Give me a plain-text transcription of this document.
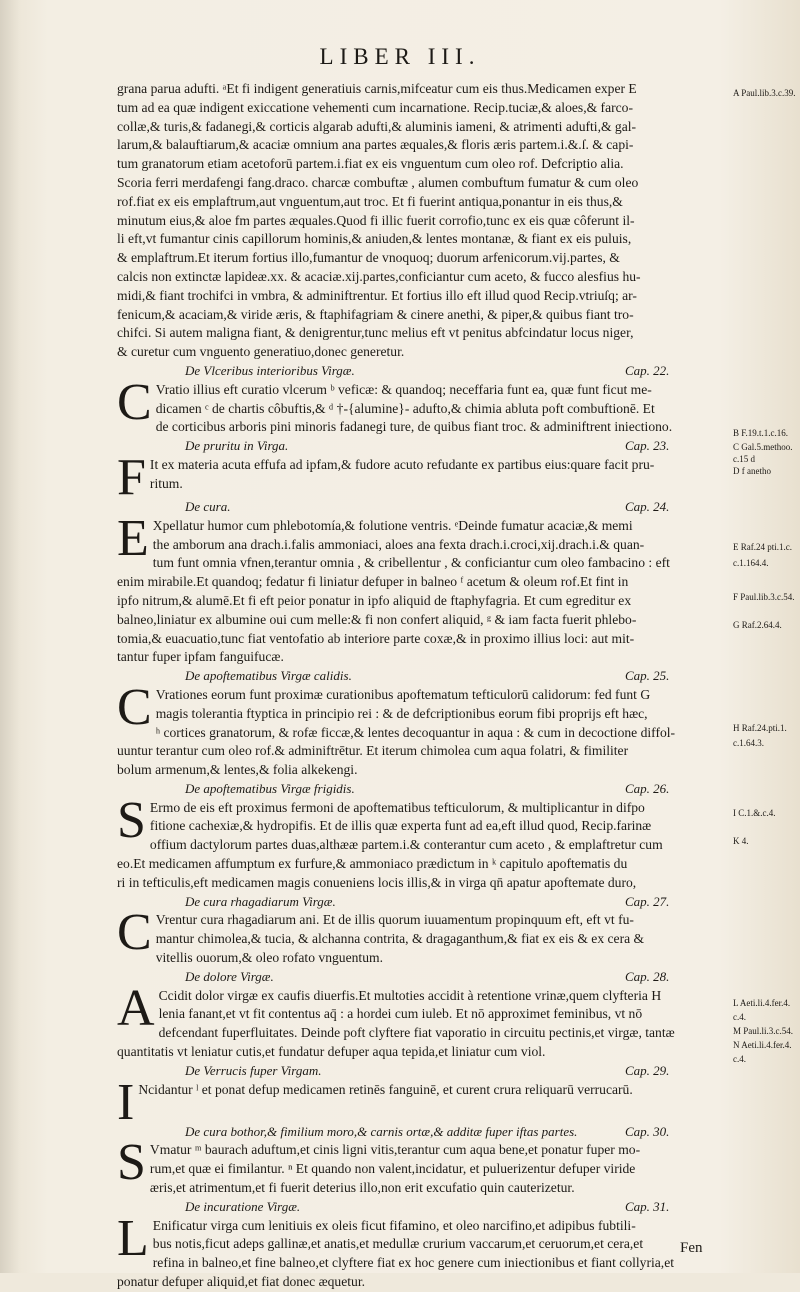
LIBER III.
grana parua adufti. ᵃEt fi indigent generatiuis carnis,mifceatur cum eis thus.Medicamen exper E
tum ad ea quæ indigent exiccatione vehementi cum incarnatione. Recip.tuciæ,& aloes,& farco-
collæ,& turis,& fadanegi,& corticis algarab adufti,& aluminis iameni, & atrimenti adufti,& gal-
larum,& balauftiarum,& acaciæ omnium ana partes æquales,& floris æris partem.i.&.ſ. & capi-
tum granatorum etiam acetoforū partem.i.fiat ex eis vnguentum cum oleo rof. Defcriptio alia.
Scoria ferri merdafengi fang.draco. charcæ combuftæ , alumen combuftum fumatur & cum oleo
rof.fiat ex eis emplaftrum,aut vnguentum,aut troc. Et fi fuerint antiqua,ponantur in eis thus,&
minutum eius,& aloe fm partes æquales.Quod fi illic fuerit corrofio,tunc ex eis quæ côferunt il-
li eft,vt fumantur cinis capillorum hominis,& aniuden,& lentes montanæ, & fiant ex eis puluis,
& emplaftrum.Et iterum fortius illo,fumantur de vnoquoq; duorum arfenicorum.vij.partes, &
calcis non extinctæ lapideæ.xx. & acaciæ.xij.partes,conficiantur cum aceto, & fucco alesfius hu-
midi,& fiant trochifci in vmbra, & adminiftrentur. Et fortius illo eft illud quod Recip.vtriuſq; ar-
fenicum,& acaciam,& viride æris, & ftaphifagriam & cinere anethi, & piper,& quibus fiant tro-
chifci. Si autem maligna fiant, & denigrentur,tunc melius eft vt penitus abfcindatur locus niger,
& curetur cum vnguento generatiuo,donec generetur.
De Vlceribus interioribus Virgæ.	Cap. 22.
C Vratio illius eft curatio vlcerum ᵇ veficæ: & quandoq; neceffaria funt ea, quæ funt ficut me-
dicamen ᶜ de chartis côbuftis,& ᵈ †-{alumine}- adufto,& chimia abluta poft combuftionē. Et
de corticibus arboris pini minoris fadanegi ture, de quibus fiant troc. & adminiftrent iniectiono.
De pruritu in Virga.	Cap. 23.
F It ex materia acuta effufa ad ipfam,& fudore acuto refudante ex partibus eius:quare facit pru-
ritum.
De cura.	Cap. 24.
E Xpellatur humor cum phlebotomía,& folutione ventris. ᵉDeinde fumatur acaciæ,& memi
the amborum ana drach.i.falis ammoniaci, aloes ana fexta drach.i.croci,xij.drach.i.& quan-
tum funt omnia vfnen,terantur omnia , & cribellentur , & conficiantur cum oleo fambacino : eft
enim mirabile.Et quandoq; fedatur fi liniatur defuper in balneo ᶠ acetum & oleum rof.Et fint in
ipfo nitrum,& alumē.Et fi eft peior ponatur in ipfo aliquid de ftaphyfagria. Et cum egreditur ex
balneo,liniatur ex albumine oui cum melle:& fi non confert aliquid, ᵍ & iam facta fuerit phlebo-
tomia,& euacuatio,tunc fiat ventofatio ab interiore parte coxæ,& in proximo illius loci: aut mit-
tantur fuper ipfam fanguifucæ.
De apoftematibus Virgæ calidis.	Cap. 25.
C Vrationes eorum funt proximæ curationibus apoftematum tefticulorū calidorum: fed funt G
magis tolerantia ftyptica in principio rei : & de defcriptionibus eorum fibi proprijs eft hæc,
ʰ cortices granatorum, & rofæ ficcæ,& lentes decoquantur in aqua : & cum in decoctione diffol-
uuntur terantur cum oleo rof.& adminiftrētur. Et iterum chimolea cum aqua folatri, & fimiliter
bolum armenum,& lentes,& folia alkekengi.
De apoftematibus Virgæ frigidis.	Cap. 26.
S Ermo de eis eft proximus fermoni de apoftematibus tefticulorum, & multiplicantur in difpo
fitione cachexiæ,& hydropifis. Et de illis quæ experta funt ad ea,eft illud quod, Recip.farinæ
offium dactylorum partes duas,althææ partem.i.& conterantur cum aceto , & emplaftretur cum
eo.Et medicamen affumptum ex furfure,& ammoniaco prædictum in ᵏ capitulo apoftematis du
ri in tefticulis,eft medicamen magis conueniens locis illis,& in virga qn̄ apatur apoftemate duro,
De cura rhagadiarum Virgæ.	Cap. 27.
C Vrentur cura rhagadiarum ani. Et de illis quorum iuuamentum propinquum eft, eft vt fu-
mantur chimolea,& tucia, & alchanna contrita, & dragaganthum,& fiat ex eis & ex cera &
vitellis ouorum,& oleo rofato vnguentum.
De dolore Virgæ.	Cap. 28.
A Ccidit dolor virgæ ex caufis diuerfis.Et multoties accidit à retentione vrinæ,quem clyfteria H
lenia fanant,et vt fit contentus aq̄ : a hordei cum iuleb. Et nō approximet feminibus, vt nō
defcendant fuperfluitates. Deinde poft clyftere fiat vaporatio in circuitu pectinis,et virgæ, tantæ
quantitatis vt leniatur cutis,et fundatur defuper aqua tepida,et liniatur cum viol.
De Verrucis fuper Virgam.	Cap. 29.
I Ncidantur ˡ et ponat defup medicamen retinēs fanguinē, et curent crura reliquarū verrucarū.
De cura bothor,& fimilium moro,& carnis ortæ,& additæ fuper iftas partes.	Cap. 30.
S Vmatur ᵐ baurach aduftum,et cinis ligni vitis,terantur cum aqua bene,et ponatur fuper mo-
rum,et quæ ei fimilantur. ⁿ Et quando non valent,incidatur, et puluerizentur defuper viride
æris,et atrimentum,et fi fuerit deterius illo,non erit excufatio quin cauterizetur.
De incuratione Virgæ.	Cap. 31.
L Enificatur virga cum lenitiuis ex oleis ficut fifamino, et oleo narcifino,et adipibus fubtili-
bus notis,ficut adeps gallinæ,et anatis,et medullæ crurium vaccarum,et ceruorum,et cera,et
refina in balneo,et fine balneo,et clyftere fiat ex hoc genere cum iniectionibus et fiant collyria,et
ponatur defuper aliquid,et fiat donec æquetur.
A Paul.lib.3.c.39.
B F.19.t.1.c.16.
C Gal.5.methoo.
c.15 d
D f anetho
E Raf.24 pti.1.c.
c.1.164.4.
F Paul.lib.3.c.54.
G Raf.2.64.4.
H Raf.24.pti.1.
c.1.64.3.
I C.1.&.c.4.
K 4.
L Aeti.li.4.fer.4.
c.4.
M Paul.li.3.c.54.
N Aeti.li.4.fer.4.
c.4.
Fen
